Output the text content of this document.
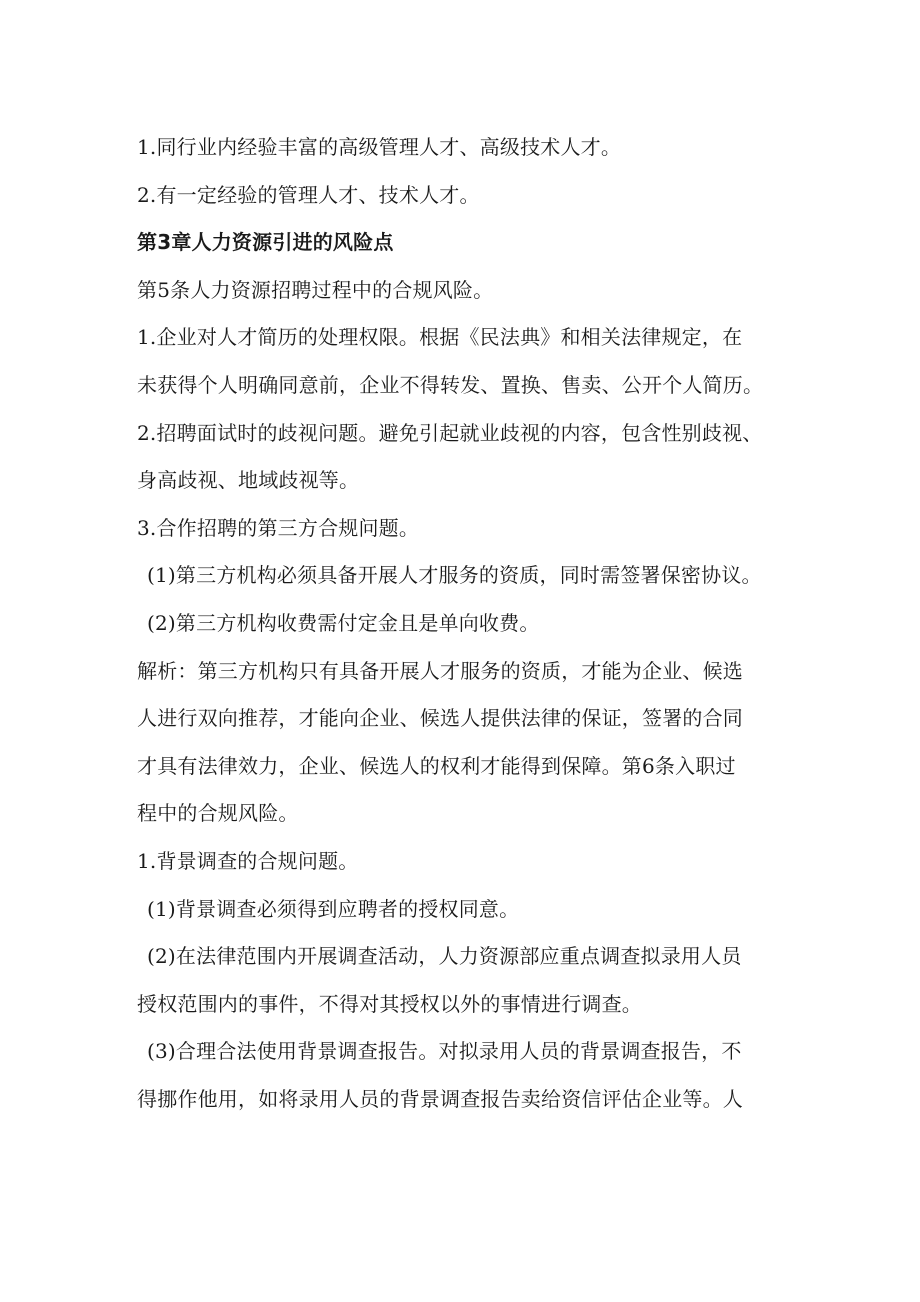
1.同行业内经验丰富的高级管理人才、高级技术人才。
2.有一定经验的管理人才、技术人才。
第3章人力资源引进的风险点
第5条人力资源招聘过程中的合规风险。
1.企业对人才简历的处理权限。根据《民法典》和相关法律规定，在
未获得个人明确同意前，企业不得转发、置换、售卖、公开个人简历。
2.招聘面试时的歧视问题。避免引起就业歧视的内容，包含性别歧视、
身高歧视、地域歧视等。
3.合作招聘的第三方合规问题。
(1)第三方机构必须具备开展人才服务的资质，同时需签署保密协议。
(2)第三方机构收费需付定金且是单向收费。
解析：第三方机构只有具备开展人才服务的资质，才能为企业、候选
人进行双向推荐，才能向企业、候选人提供法律的保证，签署的合同
才具有法律效力，企业、候选人的权利才能得到保障。第6条入职过
程中的合规风险。
1.背景调查的合规问题。
(1)背景调查必须得到应聘者的授权同意。
(2)在法律范围内开展调查活动，人力资源部应重点调查拟录用人员
授权范围内的事件，不得对其授权以外的事情进行调查。
(3)合理合法使用背景调查报告。对拟录用人员的背景调查报告，不
得挪作他用，如将录用人员的背景调查报告卖给资信评估企业等。人
